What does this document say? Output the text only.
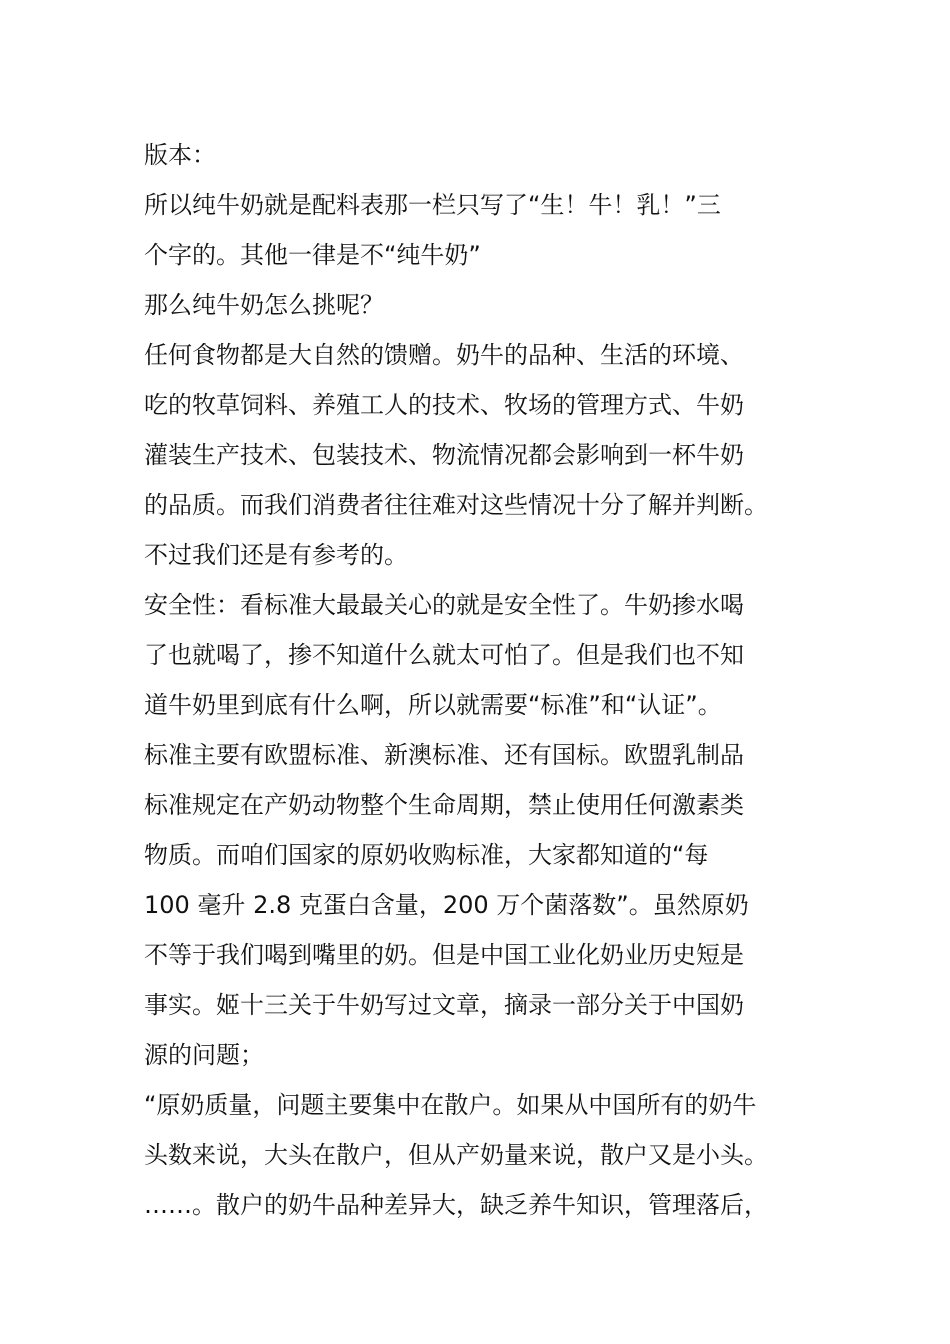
版本：
所以纯牛奶就是配料表那一栏只写了“生！牛！乳！”三
个字的。其他一律是不“纯牛奶”
那么纯牛奶怎么挑呢？
任何食物都是大自然的馈赠。奶牛的品种、生活的环境、
吃的牧草饲料、养殖工人的技术、牧场的管理方式、牛奶
灌装生产技术、包装技术、物流情况都会影响到一杯牛奶
的品质。而我们消费者往往难对这些情况十分了解并判断。
不过我们还是有参考的。
安全性：看标准大最最关心的就是安全性了。牛奶掺水喝
了也就喝了，掺不知道什么就太可怕了。但是我们也不知
道牛奶里到底有什么啊，所以就需要“标准”和“认证”。
标准主要有欧盟标准、新澳标准、还有国标。欧盟乳制品
标准规定在产奶动物整个生命周期，禁止使用任何激素类
物质。而咱们国家的原奶收购标准，大家都知道的“每
100 毫升 2.8 克蛋白含量，200 万个菌落数”。虽然原奶
不等于我们喝到嘴里的奶。但是中国工业化奶业历史短是
事实。姬十三关于牛奶写过文章，摘录一部分关于中国奶
源的问题；
“原奶质量，问题主要集中在散户。如果从中国所有的奶牛
头数来说，大头在散户，但从产奶量来说，散户又是小头。
……。散户的奶牛品种差异大，缺乏养牛知识，管理落后，
